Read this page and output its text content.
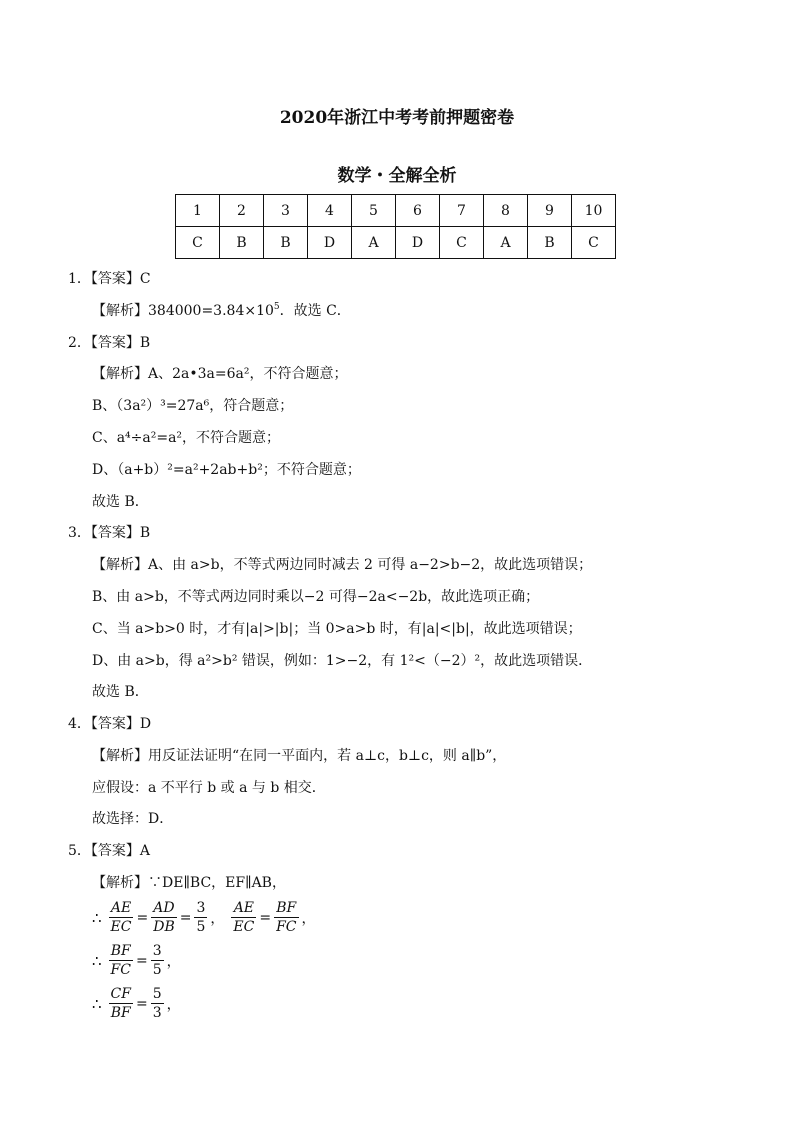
2020年浙江中考考前押题密卷
数学・全解全析
1	2	3	4	5	6	7	8	9	10
C	B	B	D	A	D	C	A	B	C
1．【答案】C
【解析】$384000=3.84\times 10^5$．故选 C．
2．【答案】B
【解析】A、2a•3a=6a²，不符合题意；
B、（3a²）³=27a⁶，符合题意；
C、a⁴÷a²=a²，不符合题意；
D、（a+b）²=a²+2ab+b²；不符合题意；
故选 B．
3．【答案】B
【解析】A、由 a>b，不等式两边同时减去 2 可得 a−2>b−2，故此选项错误；
B、由 a>b，不等式两边同时乘以−2 可得−2a<−2b，故此选项正确；
C、当 a>b>0 时，才有|a|>|b|；当 0>a>b 时，有|a|<|b|，故此选项错误；
D、由 a>b，得 a²>b² 错误，例如：1>−2，有 1²<（−2）²，故此选项错误．
故选 B．
4．【答案】D
【解析】用反证法证明“在同一平面内，若 a⊥c，b⊥c，则 a∥b”，
应假设：a 不平行 b 或 a 与 b 相交．
故选择：D．
5．【答案】A
【解析】∵DE∥BC，EF∥AB，
∴ $\frac{AE}{EC} = \frac{AD}{DB} = \frac{3}{5}$ ， $\frac{AE}{EC} = \frac{BF}{FC}$ ，
∴ $\frac{BF}{FC} = \frac{3}{5}$ ，
∴ $\frac{CF}{BF} = \frac{5}{3}$ ，
